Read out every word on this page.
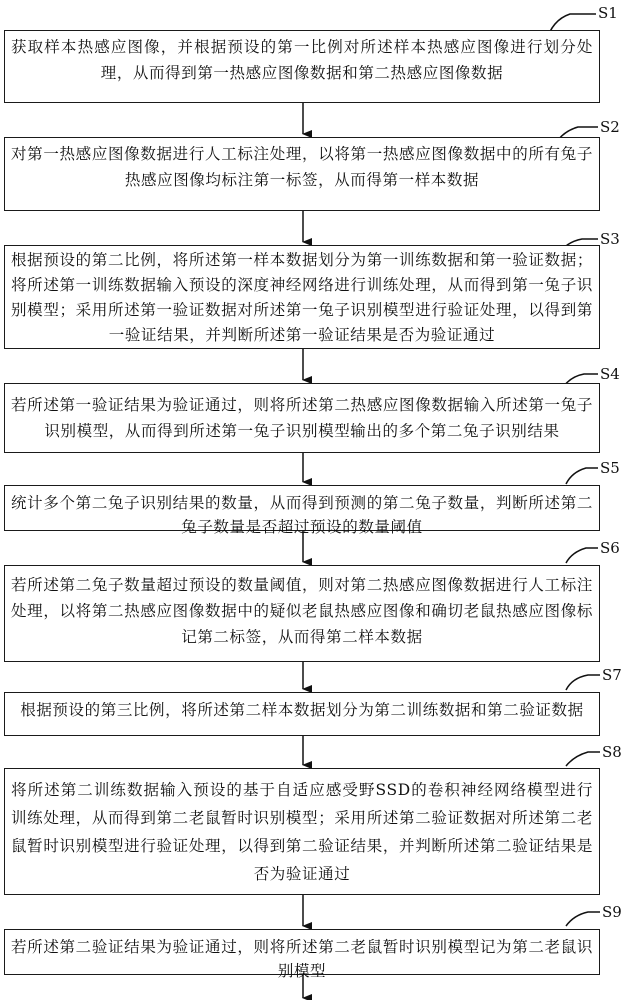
获取样本热感应图像，并根据预设的第一比例对所述样本热感应图像进行划分处理，从而得到第一热感应图像数据和第二热感应图像数据
对第一热感应图像数据进行人工标注处理，以将第一热感应图像数据中的所有兔子热感应图像均标注第一标签，从而得第一样本数据
根据预设的第二比例，将所述第一样本数据划分为第一训练数据和第一验证数据；将所述第一训练数据输入预设的深度神经网络进行训练处理，从而得到第一兔子识别模型；采用所述第一验证数据对所述第一兔子识别模型进行验证处理，以得到第一验证结果，并判断所述第一验证结果是否为验证通过
若所述第一验证结果为验证通过，则将所述第二热感应图像数据输入所述第一兔子识别模型，从而得到所述第一兔子识别模型输出的多个第二兔子识别结果
统计多个第二兔子识别结果的数量，从而得到预测的第二兔子数量，判断所述第二兔子数量是否超过预设的数量阈值
若所述第二兔子数量超过预设的数量阈值，则对第二热感应图像数据进行人工标注处理，以将第二热感应图像数据中的疑似老鼠热感应图像和确切老鼠热感应图像标记第二标签，从而得第二样本数据
根据预设的第三比例，将所述第二样本数据划分为第二训练数据和第二验证数据
将所述第二训练数据输入预设的基于自适应感受野SSD的卷积神经网络模型进行训练处理，从而得到第二老鼠暂时识别模型；采用所述第二验证数据对所述第二老鼠暂时识别模型进行验证处理，以得到第二验证结果，并判断所述第二验证结果是否为验证通过
若所述第二验证结果为验证通过，则将所述第二老鼠暂时识别模型记为第二老鼠识别模型
S1
S2
S3
S4
S5
S6
S7
S8
S9
